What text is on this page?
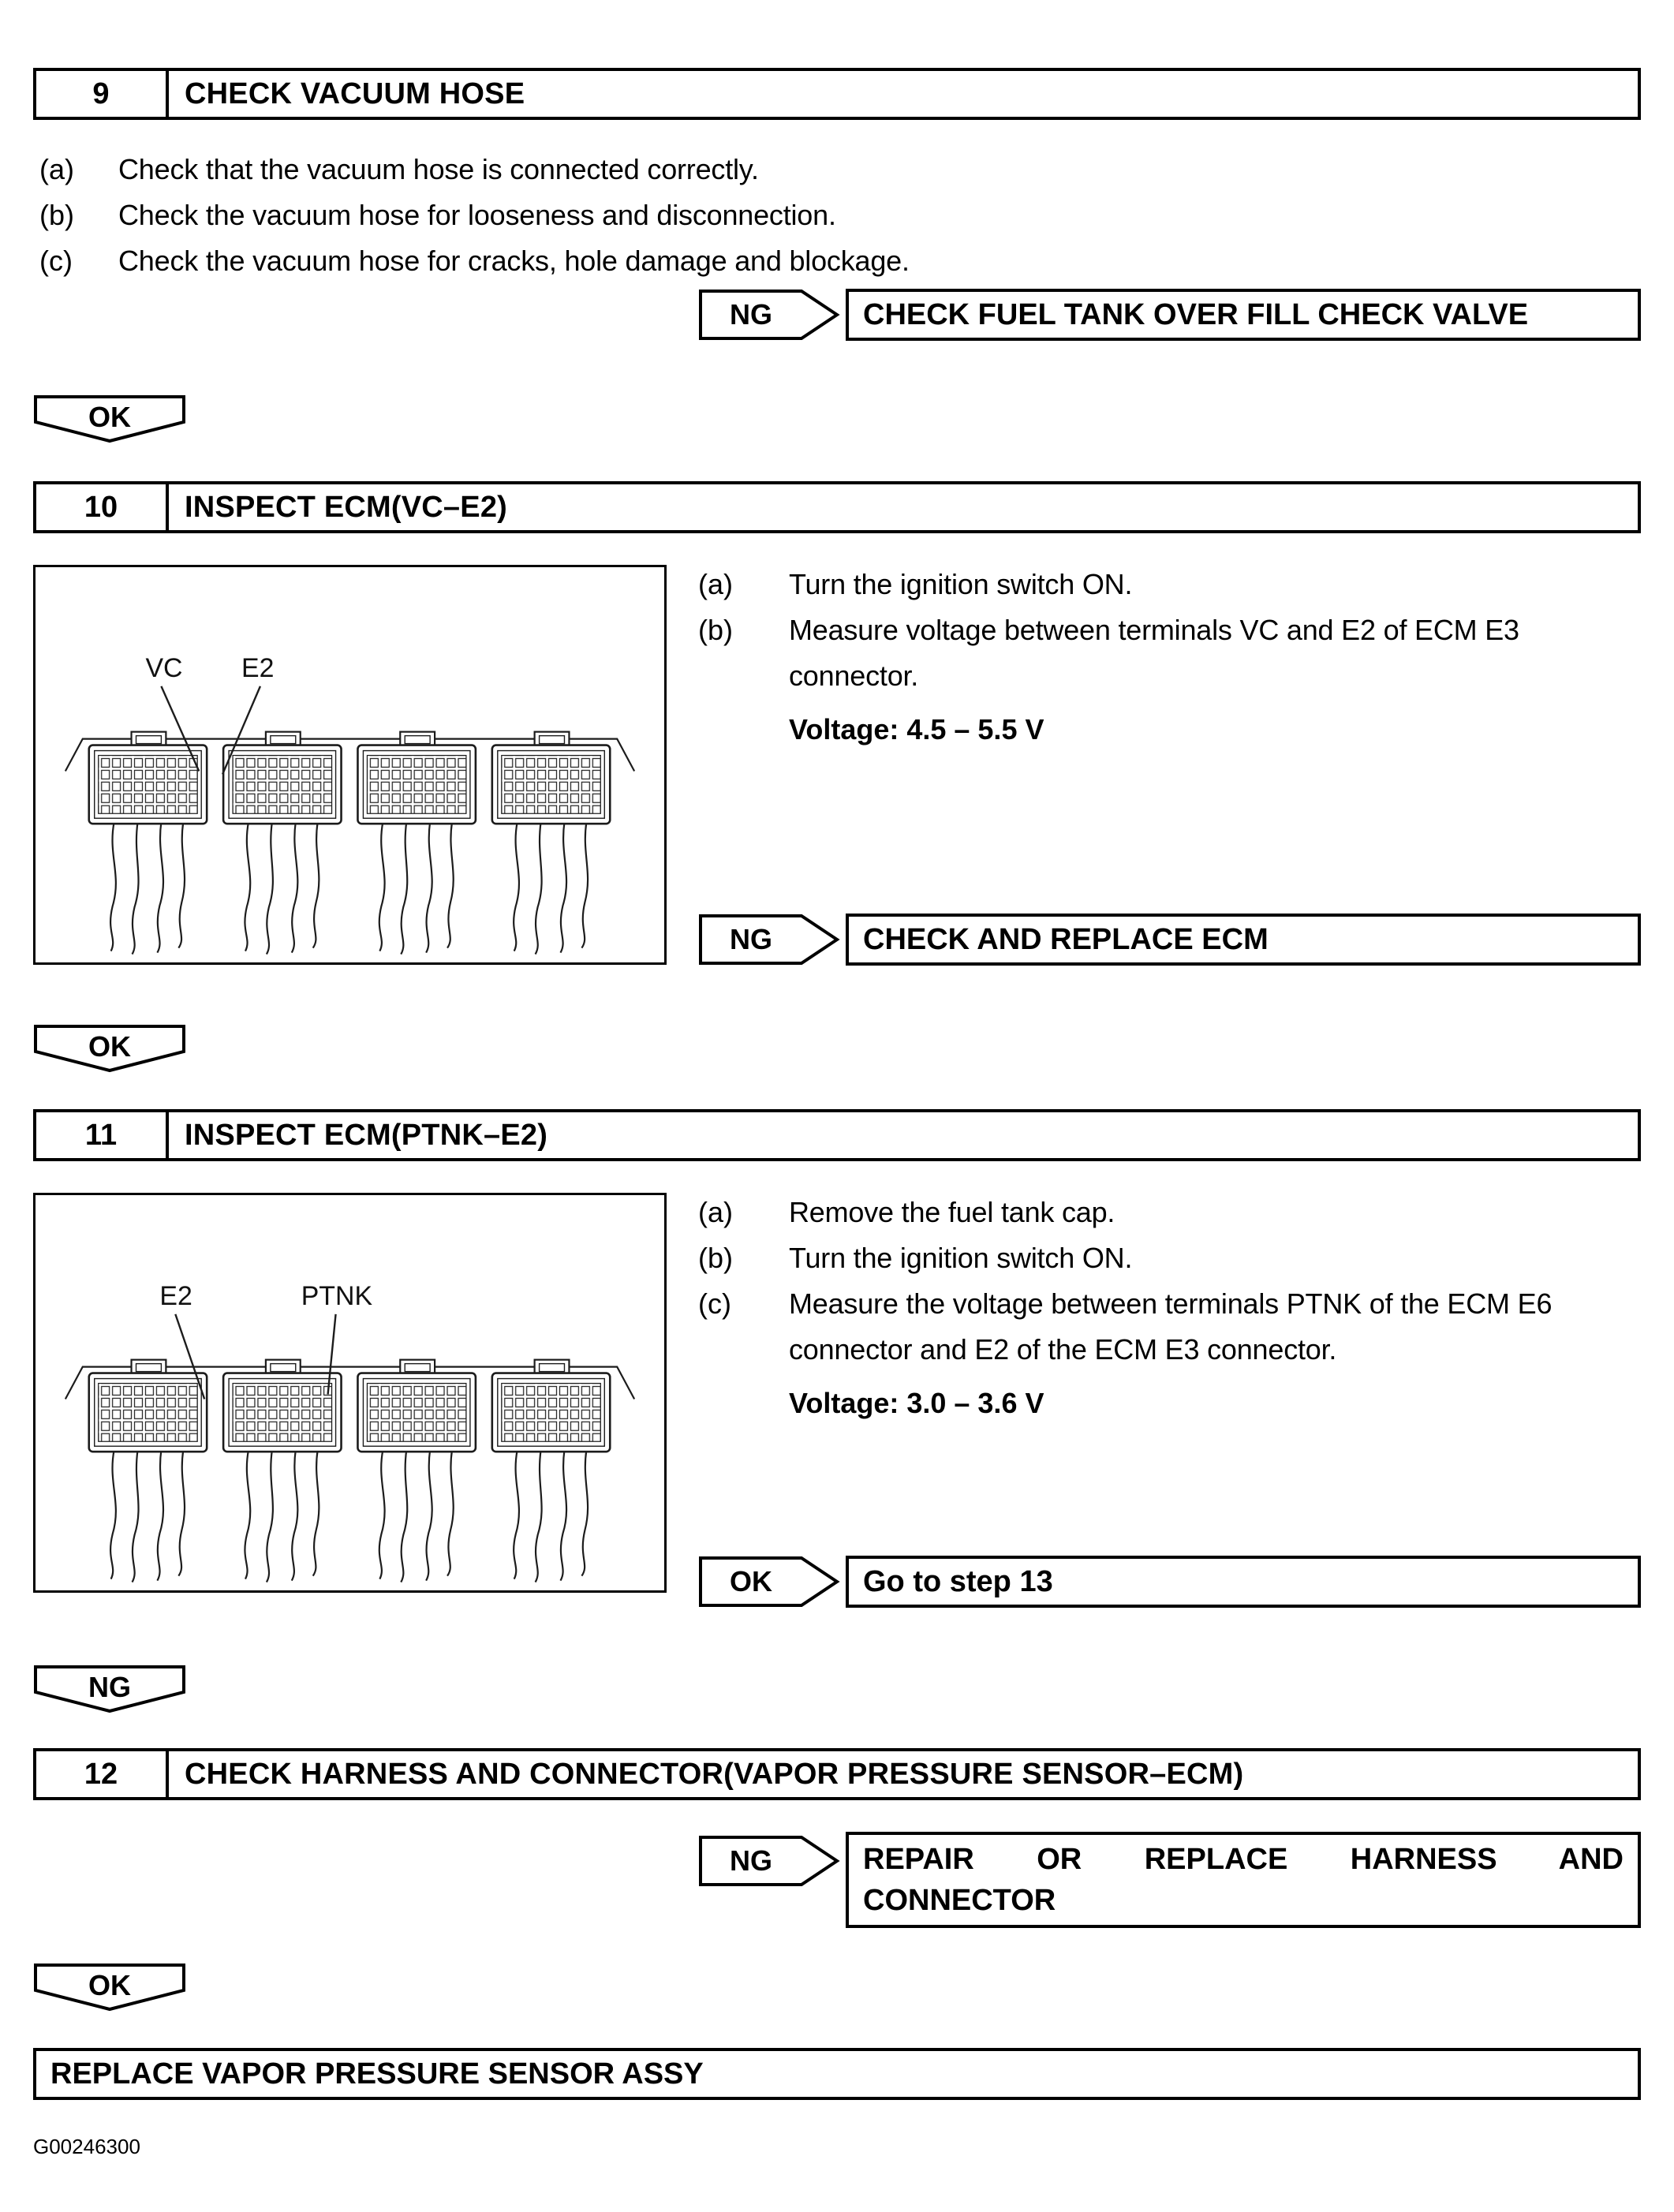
9	CHECK VACUUM HOSE
(a)	Check that the vacuum hose is connected correctly.
(b)	Check the vacuum hose for looseness and disconnection.
(c)	Check the vacuum hose for cracks, hole damage and blockage.
NG	CHECK FUEL TANK OVER FILL CHECK VALVE
OK
10	INSPECT ECM(VC–E2)
VC E2
(a)	Turn the ignition switch ON.
(b)	Measure voltage between terminals VC and E2 of ECM E3 connector.
Voltage: 4.5 – 5.5 V
NG	CHECK AND REPLACE ECM
OK
11	INSPECT ECM(PTNK–E2)
E2	PTNK
(a)	Remove the fuel tank cap.
(b)	Turn the ignition switch ON.
(c)	Measure the voltage between terminals PTNK of the ECM E6 connector and E2 of the ECM E3 connector.
Voltage: 3.0 – 3.6 V
OK	Go to step 13
NG
12	CHECK HARNESS AND CONNECTOR(VAPOR PRESSURE SENSOR–ECM)
NG	REPAIR OR REPLACE HARNESS AND
CONNECTOR
OK
REPLACE VAPOR PRESSURE SENSOR ASSY
G00246300
